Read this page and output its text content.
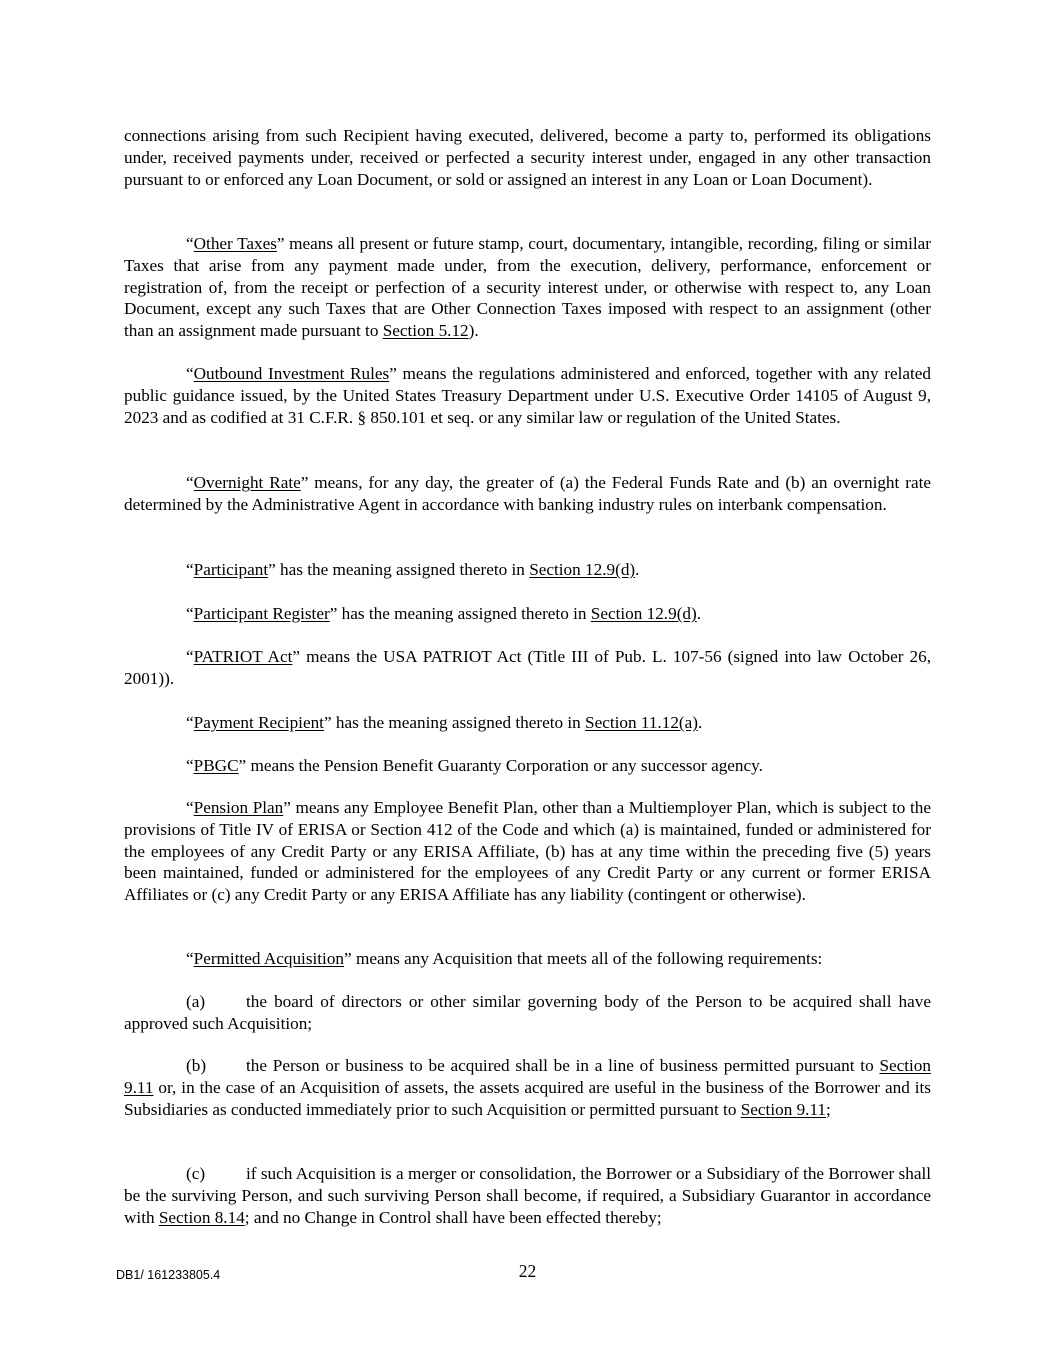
connections arising from such Recipient having executed, delivered, become a party to, performed its obligations under, received payments under, received or perfected a security interest under, engaged in any other transaction pursuant to or enforced any Loan Document, or sold or assigned an interest in any Loan or Loan Document).

“Other Taxes” means all present or future stamp, court, documentary, intangible, recording, filing or similar Taxes that arise from any payment made under, from the execution, delivery, performance, enforcement or registration of, from the receipt or perfection of a security interest under, or otherwise with respect to, any Loan Document, except any such Taxes that are Other Connection Taxes imposed with respect to an assignment (other than an assignment made pursuant to Section 5.12).

“Outbound Investment Rules” means the regulations administered and enforced, together with any related public guidance issued, by the United States Treasury Department under U.S. Executive Order 14105 of August 9, 2023 and as codified at 31 C.F.R. § 850.101 et seq. or any similar law or regulation of the United States.

“Overnight Rate” means, for any day, the greater of (a) the Federal Funds Rate and (b) an overnight rate determined by the Administrative Agent in accordance with banking industry rules on interbank compensation.

“Participant” has the meaning assigned thereto in Section 12.9(d).

“Participant Register” has the meaning assigned thereto in Section 12.9(d).

“PATRIOT Act” means the USA PATRIOT Act (Title III of Pub. L. 107-56 (signed into law October 26, 2001)).

“Payment Recipient” has the meaning assigned thereto in Section 11.12(a).

“PBGC” means the Pension Benefit Guaranty Corporation or any successor agency.

“Pension Plan” means any Employee Benefit Plan, other than a Multiemployer Plan, which is subject to the provisions of Title IV of ERISA or Section 412 of the Code and which (a) is maintained, funded or administered for the employees of any Credit Party or any ERISA Affiliate, (b) has at any time within the preceding five (5) years been maintained, funded or administered for the employees of any Credit Party or any current or former ERISA Affiliates or (c) any Credit Party or any ERISA Affiliate has any liability (contingent or otherwise).

“Permitted Acquisition” means any Acquisition that meets all of the following requirements:

(a) the board of directors or other similar governing body of the Person to be acquired shall have approved such Acquisition;

(b) the Person or business to be acquired shall be in a line of business permitted pursuant to Section 9.11 or, in the case of an Acquisition of assets, the assets acquired are useful in the business of the Borrower and its Subsidiaries as conducted immediately prior to such Acquisition or permitted pursuant to Section 9.11;

(c) if such Acquisition is a merger or consolidation, the Borrower or a Subsidiary of the Borrower shall be the surviving Person, and such surviving Person shall become, if required, a Subsidiary Guarantor in accordance with Section 8.14; and no Change in Control shall have been effected thereby;

DB1/ 161233805.4	22
